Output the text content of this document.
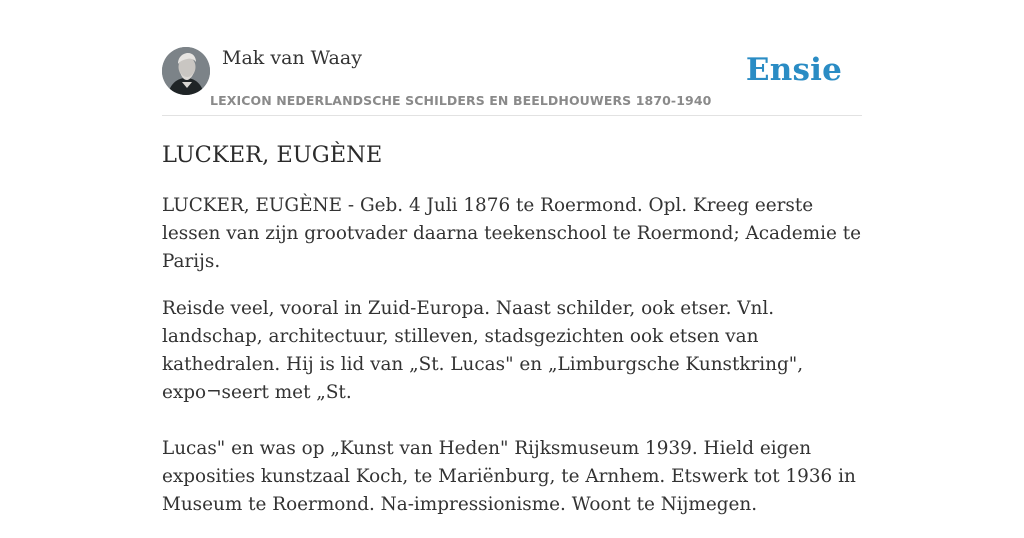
Mak van Waay	Ensie
LEXICON NEDERLANDSCHE SCHILDERS EN BEELDHOUWERS 1870-1940
LUCKER, EUGÈNE

LUCKER, EUGÈNE - Geb. 4 Juli 1876 te Roermond. Opl. Kreeg eerste lessen van zijn grootvader daarna teekenschool te Roermond; Academie te Parijs.

Reisde veel, vooral in Zuid-Europa. Naast schilder, ook etser. Vnl. landschap, architectuur, stilleven, stadsgezichten ook etsen van kathedralen. Hij is lid van „St. Lucas" en „Limburgsche Kunstkring", expo¬seert met „St.

Lucas" en was op „Kunst van Heden" Rijksmuseum 1939. Hield eigen exposities kunstzaal Koch, te Mariënburg, te Arnhem. Etswerk tot 1936 in Museum te Roermond. Na-impressionisme. Woont te Nijmegen.
